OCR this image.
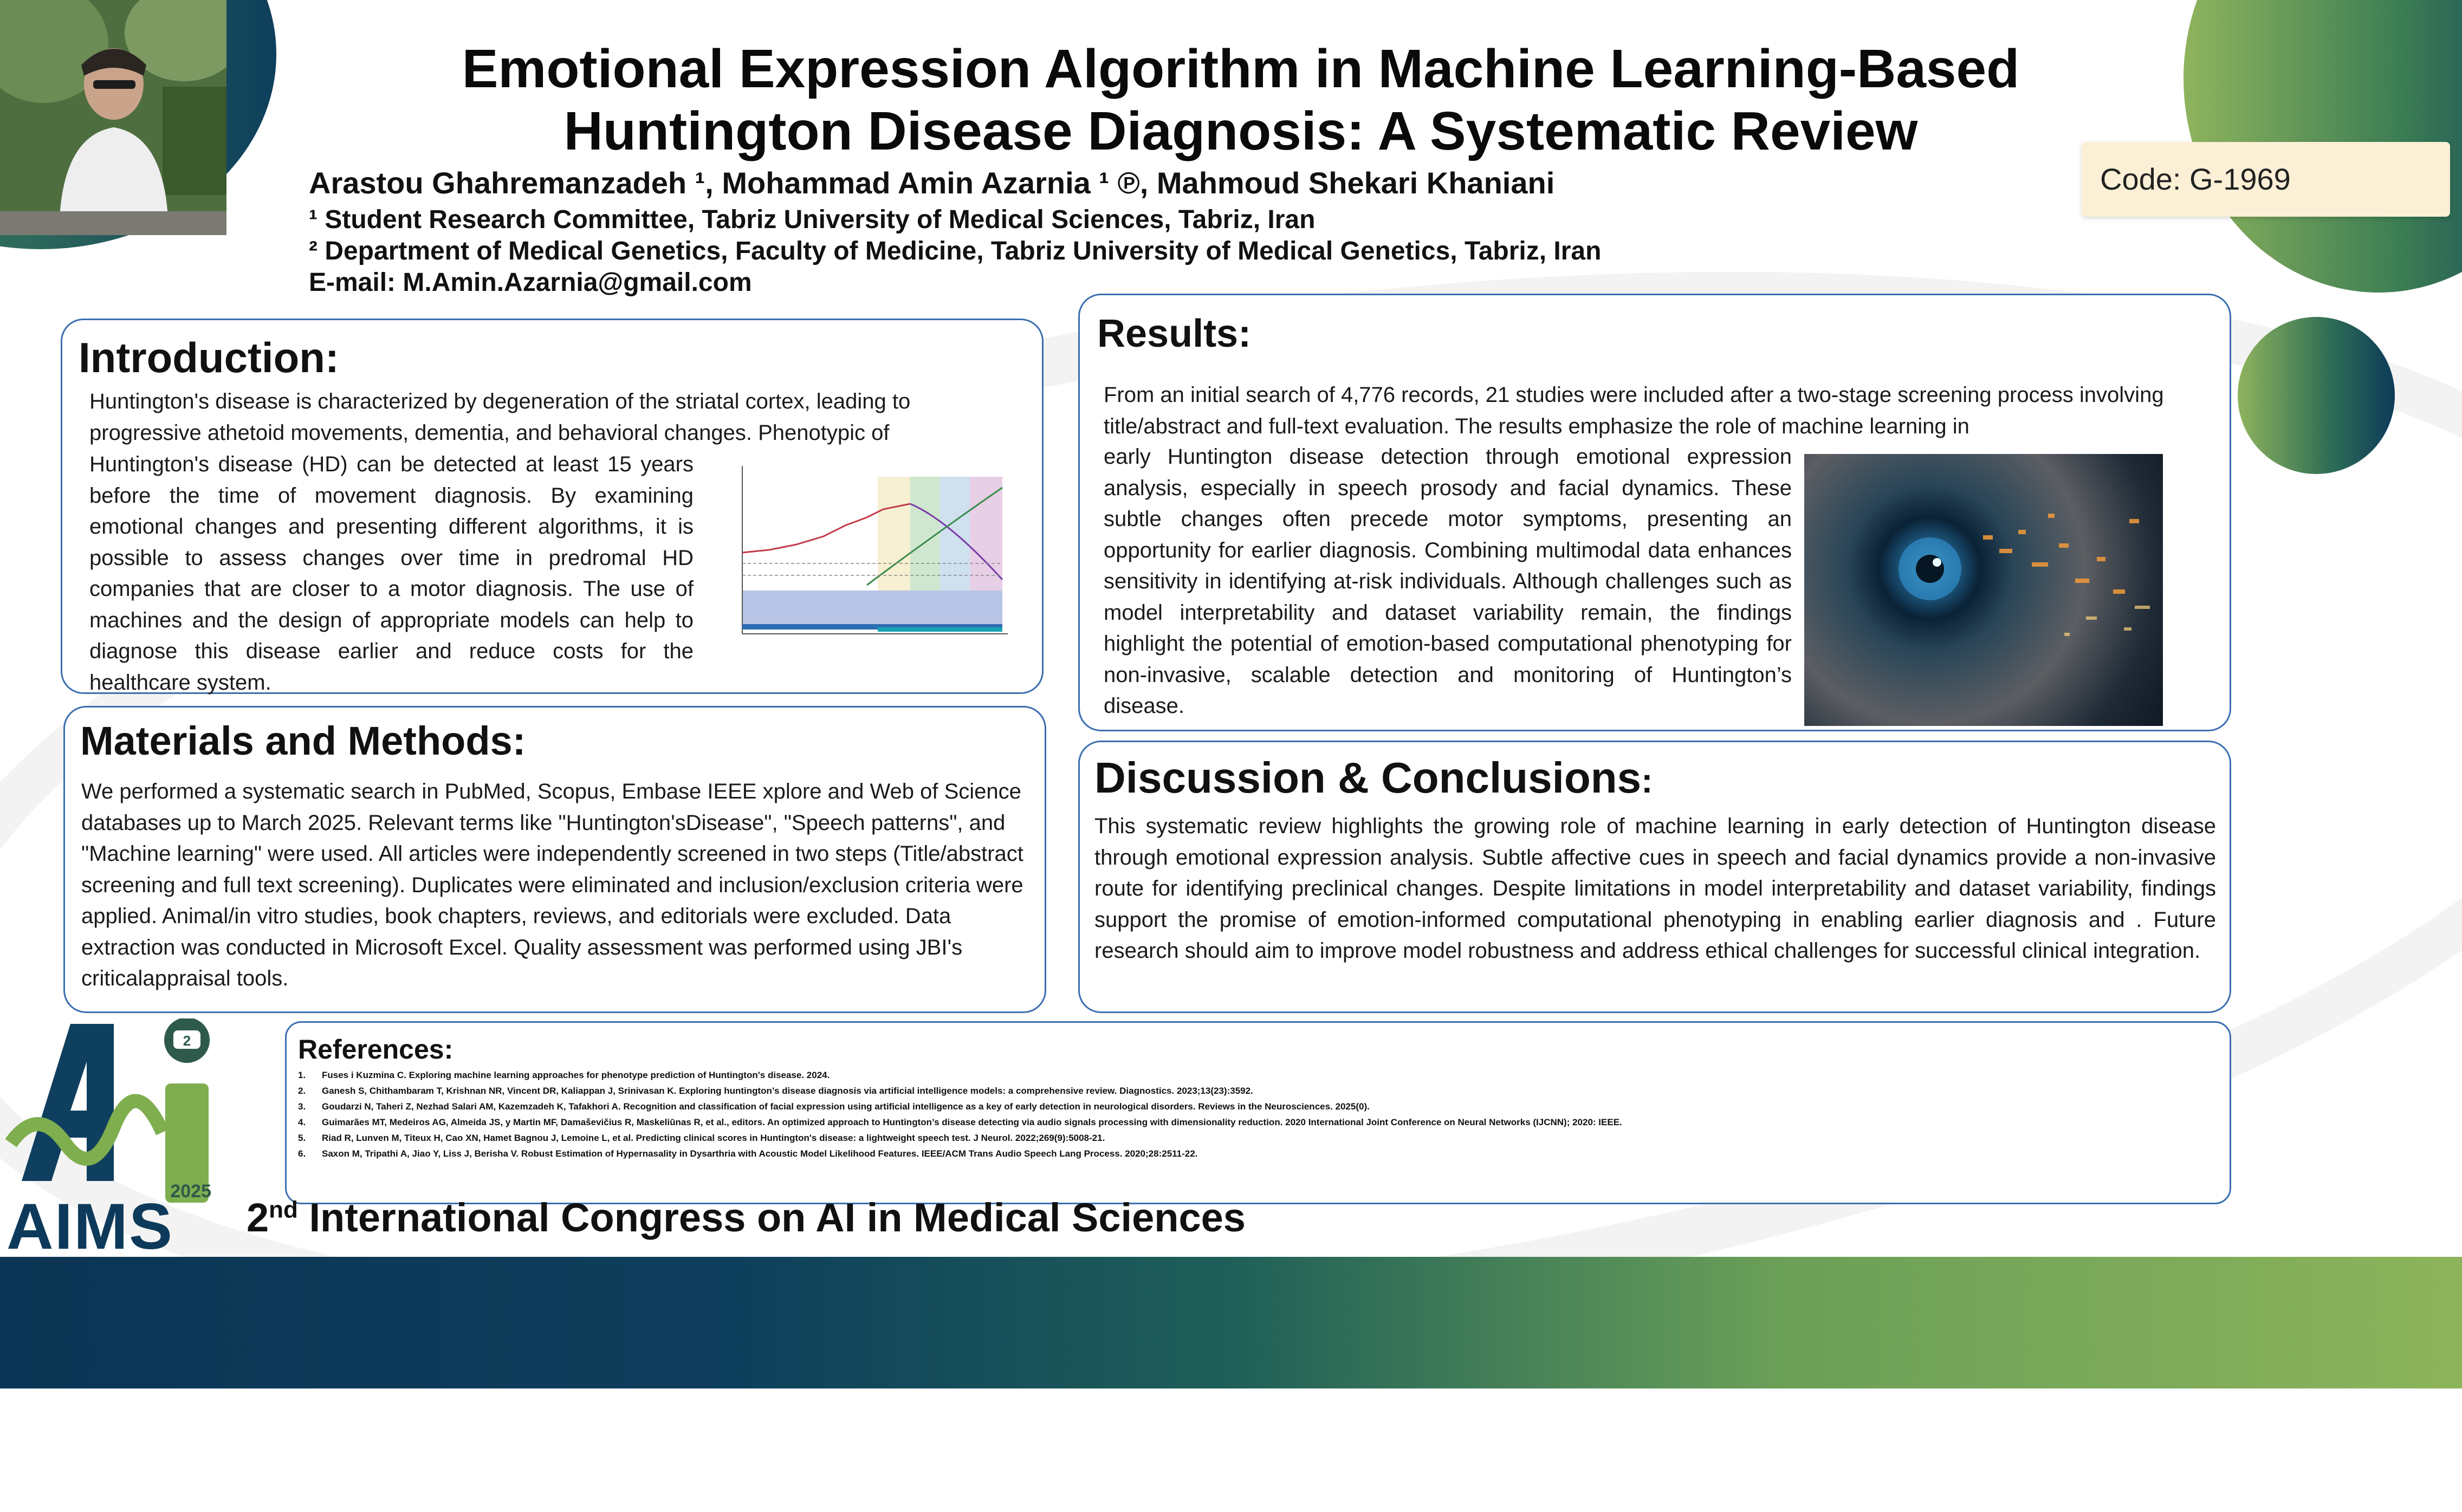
Emotional Expression Algorithm in Machine Learning-Based
Huntington Disease Diagnosis: A Systematic Review
Arastou Ghahremanzadeh ¹, Mohammad Amin Azarnia ¹ ℗, Mahmoud Shekari Khaniani
¹ Student Research Committee, Tabriz University of Medical Sciences, Tabriz, Iran
² Department of Medical Genetics, Faculty of Medicine, Tabriz University of Medical Genetics, Tabriz, Iran
E-mail: M.Amin.Azarnia@gmail.com
Code: G-1969
Introduction:
Huntington's disease is characterized by degeneration of the striatal cortex, leading to progressive athetoid movements, dementia, and behavioral changes. Phenotypic of
Huntington's disease (HD) can be detected at least 15 years before the time of movement diagnosis. By examining emotional changes and presenting different algorithms, it is possible to assess changes over time in predromal HD companies that are closer to a motor diagnosis. The use of machines and the design of appropriate models can help to diagnose this disease earlier and reduce costs for the healthcare system.
Materials and Methods:
We performed a systematic search in PubMed, Scopus, Embase IEEE xplore and Web of Science databases up to March 2025. Relevant terms like "Huntington'sDisease", "Speech patterns", and "Machine learning" were used. All articles were independently screened in two steps (Title/abstract screening and full text screening). Duplicates were eliminated and inclusion/exclusion criteria were applied. Animal/in vitro studies, book chapters, reviews, and editorials were excluded. Data extraction was conducted in Microsoft Excel. Quality assessment was performed using JBI's criticalappraisal tools.
Results:
From an initial search of 4,776 records, 21 studies were included after a two-stage screening process involving title/abstract and full-text evaluation. The results emphasize the role of machine learning in
early Huntington disease detection through emotional expression analysis, especially in speech prosody and facial dynamics. These subtle changes often precede motor symptoms, presenting an opportunity for earlier diagnosis. Combining multimodal data enhances sensitivity in identifying at-risk individuals. Although challenges such as model interpretability and dataset variability remain, the findings highlight the potential of emotion-based computational phenotyping for non-invasive, scalable detection and monitoring of Huntington’s disease.
Discussion & Conclusions:
This systematic review highlights the growing role of machine learning in early detection of Huntington disease through emotional expression analysis. Subtle affective cues in speech and facial dynamics provide a non-invasive route for identifying preclinical changes. Despite limitations in model interpretability and dataset variability, findings support the promise of emotion-informed computational phenotyping in enabling earlier diagnosis and . Future research should aim to improve model robustness and address ethical challenges for successful clinical integration.
References:
1. Fuses i Kuzmina C. Exploring machine learning approaches for phenotype prediction of Huntington's disease. 2024.
2. Ganesh S, Chithambaram T, Krishnan NR, Vincent DR, Kaliappan J, Srinivasan K. Exploring huntington’s disease diagnosis via artificial intelligence models: a comprehensive review. Diagnostics. 2023;13(23):3592.
3. Goudarzi N, Taheri Z, Nezhad Salari AM, Kazemzadeh K, Tafakhori A. Recognition and classification of facial expression using artificial intelligence as a key of early detection in neurological disorders. Reviews in the Neurosciences. 2025(0).
4. Guimarães MT, Medeiros AG, Almeida JS, y Martin MF, Damaševičius R, Maskeliūnas R, et al., editors. An optimized approach to Huntington’s disease detecting via audio signals processing with dimensionality reduction. 2020 International Joint Conference on Neural Networks (IJCNN); 2020: IEEE.
5. Riad R, Lunven M, Titeux H, Cao XN, Hamet Bagnou J, Lemoine L, et al. Predicting clinical scores in Huntington's disease: a lightweight speech test. J Neurol. 2022;269(9):5008-21.
6. Saxon M, Tripathi A, Jiao Y, Liss J, Berisha V. Robust Estimation of Hypernasality in Dysarthria with Acoustic Model Likelihood Features. IEEE/ACM Trans Audio Speech Lang Process. 2020;28:2511-22.
2
2025
AIMS 2nd International Congress on AI in Medical Sciences
